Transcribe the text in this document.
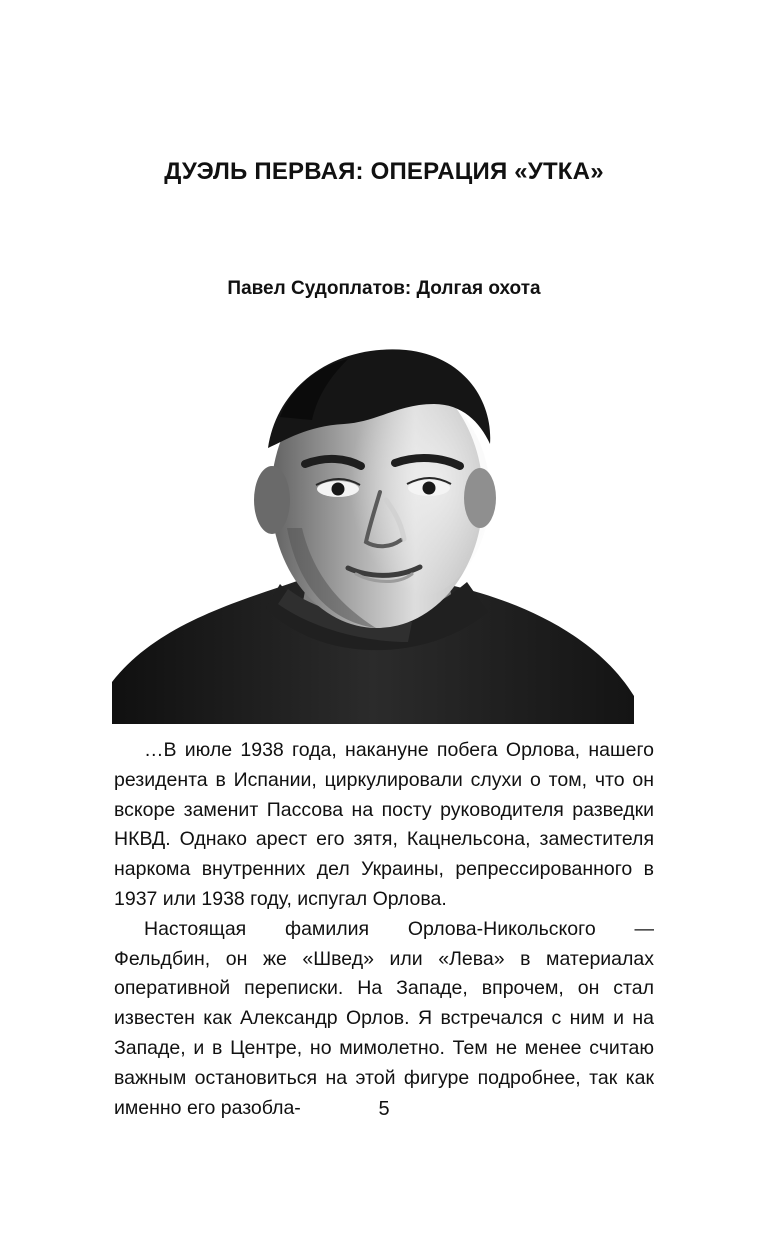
ДУЭЛЬ ПЕРВАЯ: ОПЕРАЦИЯ «УТКА»
Павел Судоплатов: Долгая охота

…В июле 1938 года, накануне побега Орлова, нашего резидента в Испании, циркулировали слухи о том, что он вскоре заменит Пассова на посту руководителя разведки НКВД. Однако арест его зятя, Кацнельсона, заместителя наркома внутренних дел Украины, репрессированного в 1937 или 1938 году, испугал Орлова.

Настоящая фамилия Орлова-Никольского — Фельдбин, он же «Швед» или «Лева» в материалах оперативной переписки. На Западе, впрочем, он стал известен как Александр Орлов. Я встречался с ним и на Западе, и в Центре, но мимолетно. Тем не менее считаю важным остановиться на этой фигуре подробнее, так как именно его разобла-	5
